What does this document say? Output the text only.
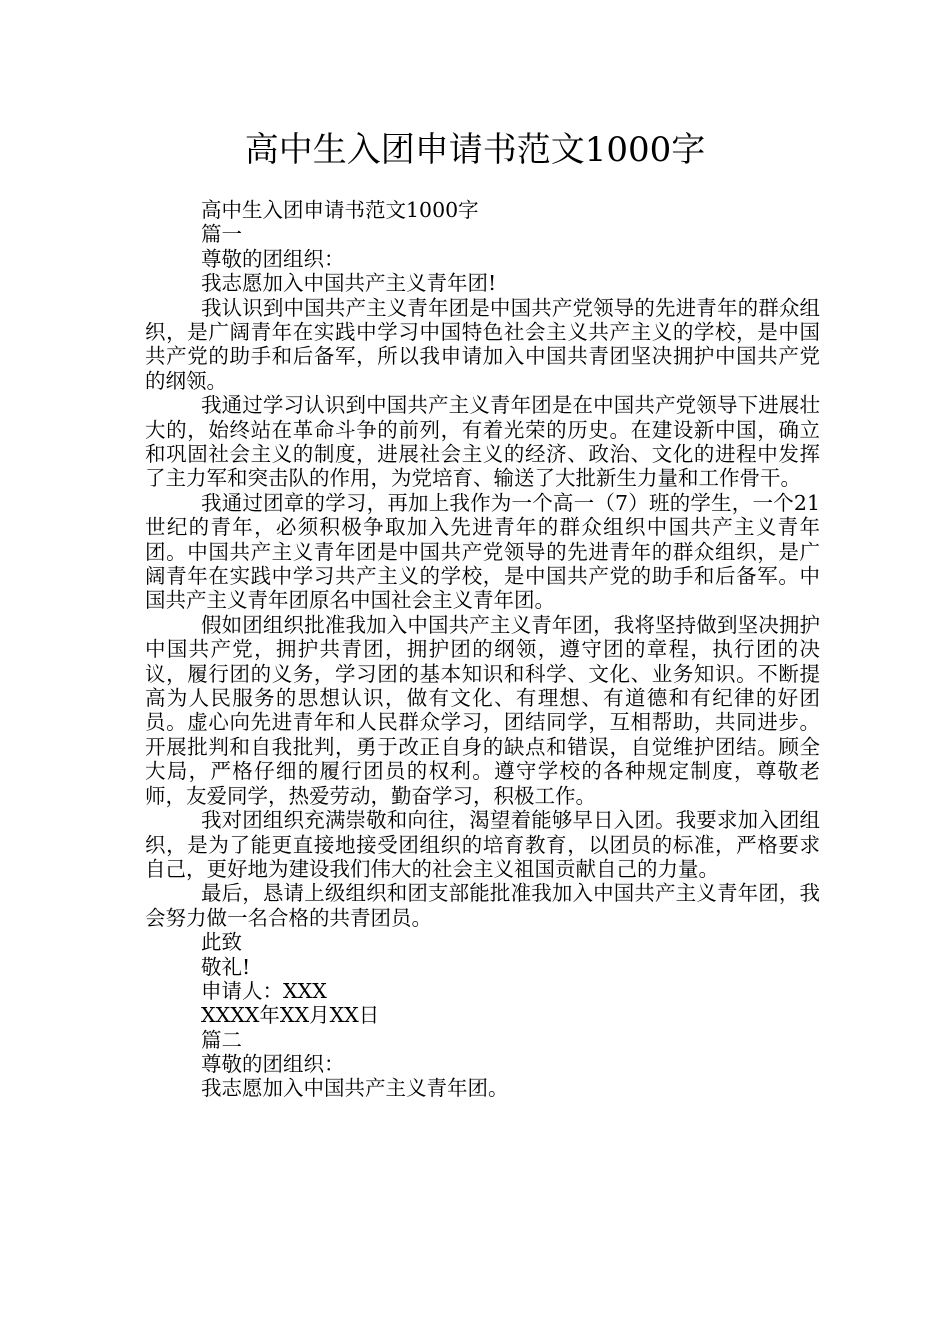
高中生入团申请书范文1000字
高中生入团申请书范文1000字
篇一
尊敬的团组织：
我志愿加入中国共产主义青年团!
我认识到中国共产主义青年团是中国共产党领导的先进青年的群众组织，是广阔青年在实践中学习中国特色社会主义共产主义的学校，是中国共产党的助手和后备军，所以我申请加入中国共青团坚决拥护中国共产党的纲领。
我通过学习认识到中国共产主义青年团是在中国共产党领导下进展壮大的，始终站在革命斗争的前列，有着光荣的历史。在建设新中国，确立和巩固社会主义的制度，进展社会主义的经济、政治、文化的进程中发挥了主力军和突击队的作用，为党培育、输送了大批新生力量和工作骨干。
我通过团章的学习，再加上我作为一个高一（7）班的学生，一个21世纪的青年，必须积极争取加入先进青年的群众组织中国共产主义青年团。中国共产主义青年团是中国共产党领导的先进青年的群众组织，是广阔青年在实践中学习共产主义的学校，是中国共产党的助手和后备军。中国共产主义青年团原名中国社会主义青年团。
假如团组织批准我加入中国共产主义青年团，我将坚持做到坚决拥护中国共产党，拥护共青团，拥护团的纲领，遵守团的章程，执行团的决议，履行团的义务，学习团的基本知识和科学、文化、业务知识。不断提高为人民服务的思想认识，做有文化、有理想、有道德和有纪律的好团员。虚心向先进青年和人民群众学习，团结同学，互相帮助，共同进步。开展批判和自我批判，勇于改正自身的缺点和错误，自觉维护团结。顾全大局，严格仔细的履行团员的权利。遵守学校的各种规定制度，尊敬老师，友爱同学，热爱劳动，勤奋学习，积极工作。
我对团组织充满崇敬和向往，渴望着能够早日入团。我要求加入团组织，是为了能更直接地接受团组织的培育教育，以团员的标准，严格要求自己，更好地为建设我们伟大的社会主义祖国贡献自己的力量。
最后，恳请上级组织和团支部能批准我加入中国共产主义青年团，我会努力做一名合格的共青团员。
此致
敬礼!
申请人：XXX
XXXX年XX月XX日
篇二
尊敬的团组织：
我志愿加入中国共产主义青年团。
